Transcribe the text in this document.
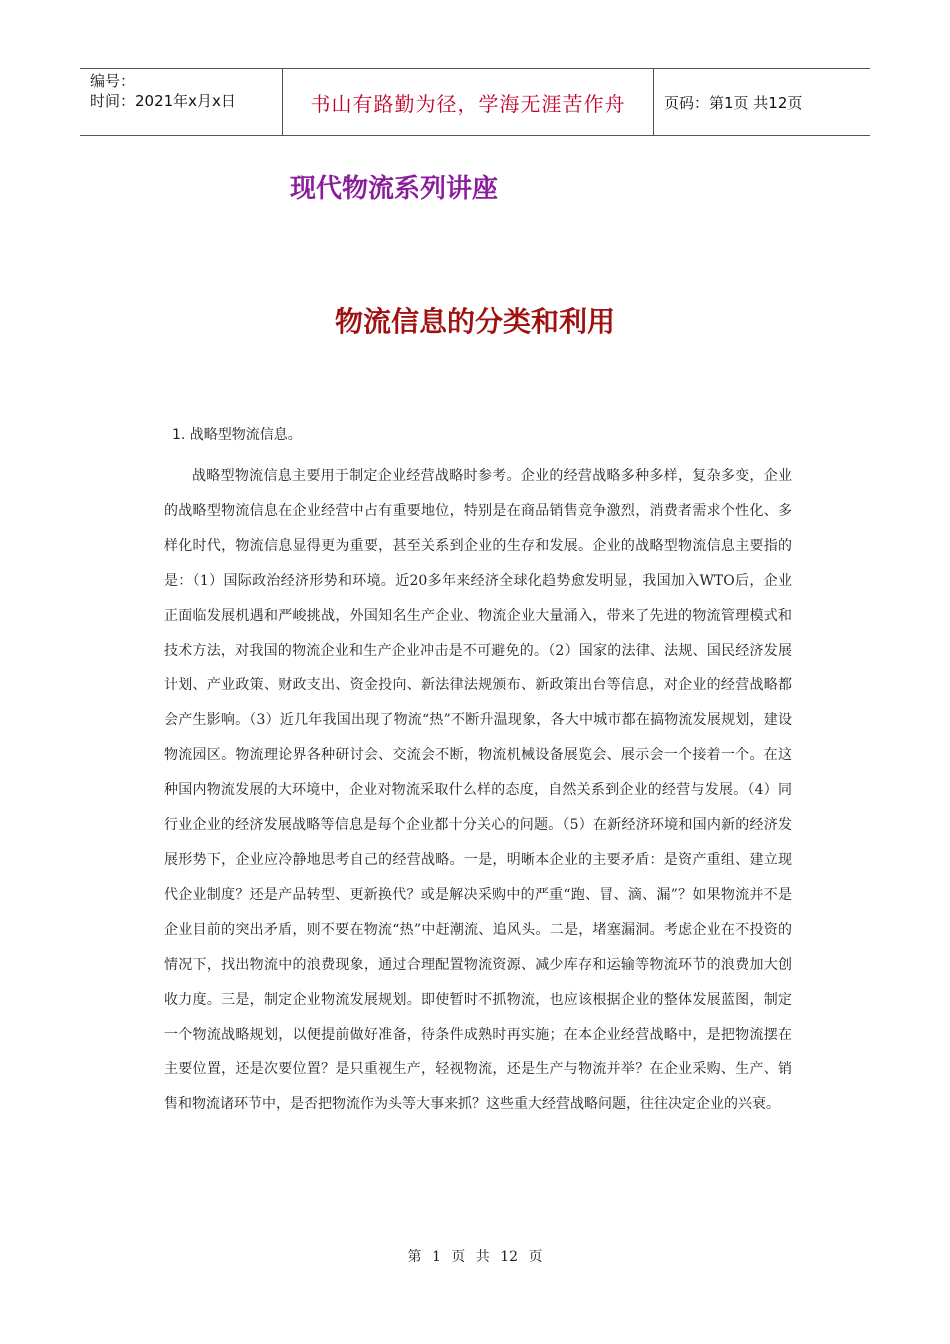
编号：
时间：2021年x月x日	书山有路勤为径，学海无涯苦作舟	页码：第1页 共12页
现代物流系列讲座
物流信息的分类和利用
1. 战略型物流信息。
战略型物流信息主要用于制定企业经营战略时参考。企业的经营战略多种多样，复杂多变，企业的战略型物流信息在企业经营中占有重要地位，特别是在商品销售竞争激烈，消费者需求个性化、多样化时代，物流信息显得更为重要，甚至关系到企业的生存和发展。企业的战略型物流信息主要指的是：（1）国际政治经济形势和环境。近20多年来经济全球化趋势愈发明显，我国加入WTO后，企业正面临发展机遇和严峻挑战，外国知名生产企业、物流企业大量涌入，带来了先进的物流管理模式和技术方法，对我国的物流企业和生产企业冲击是不可避免的。（2）国家的法律、法规、国民经济发展计划、产业政策、财政支出、资金投向、新法律法规颁布、新政策出台等信息，对企业的经营战略都会产生影响。（3）近几年我国出现了物流“热”不断升温现象，各大中城市都在搞物流发展规划，建设物流园区。物流理论界各种研讨会、交流会不断，物流机械设备展览会、展示会一个接着一个。在这种国内物流发展的大环境中，企业对物流采取什么样的态度，自然关系到企业的经营与发展。（4）同行业企业的经济发展战略等信息是每个企业都十分关心的问题。（5）在新经济环境和国内新的经济发展形势下，企业应冷静地思考自己的经营战略。一是，明晰本企业的主要矛盾：是资产重组、建立现代企业制度？还是产品转型、更新换代？或是解决采购中的严重“跑、冒、滴、漏”？如果物流并不是企业目前的突出矛盾，则不要在物流“热”中赶潮流、追风头。二是，堵塞漏洞。考虑企业在不投资的情况下，找出物流中的浪费现象，通过合理配置物流资源、减少库存和运输等物流环节的浪费加大创收力度。三是，制定企业物流发展规划。即使暂时不抓物流，也应该根据企业的整体发展蓝图，制定一个物流战略规划，以便提前做好准备，待条件成熟时再实施；在本企业经营战略中，是把物流摆在主要位置，还是次要位置？是只重视生产，轻视物流，还是生产与物流并举？在企业采购、生产、销售和物流诸环节中，是否把物流作为头等大事来抓？这些重大经营战略问题，往往决定企业的兴衰。
第 1 页 共 12 页
